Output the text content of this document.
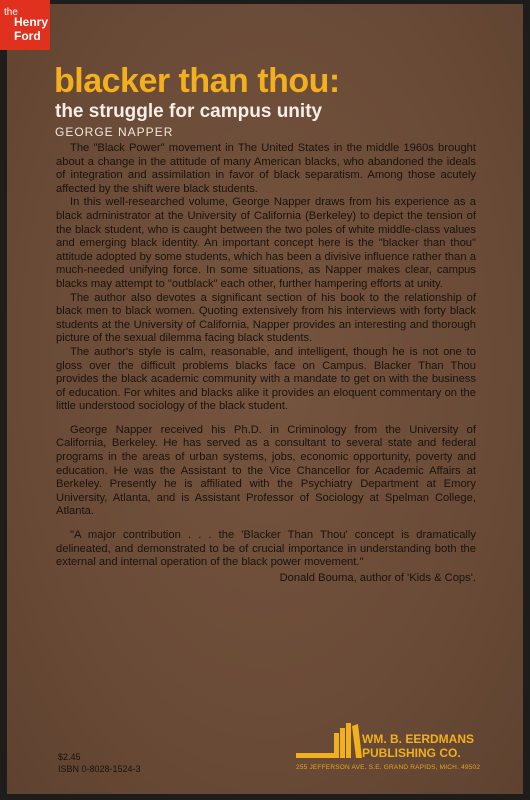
the
Henry
Ford
blacker than thou:
the struggle for campus unity
GEORGE NAPPER

The "Black Power" movement in The United States in the middle 1960s brought about a change in the attitude of many American blacks, who abandoned the ideals of integration and assimilation in favor of black separatism. Among those acutely affected by the shift were black students.

In this well-researched volume, George Napper draws from his experience as a black administrator at the University of California (Berkeley) to depict the tension of the black student, who is caught between the two poles of white middle-class values and emerging black identity. An important concept here is the "blacker than thou" attitude adopted by some students, which has been a divisive influence rather than a much-needed unifying force. In some situations, as Napper makes clear, campus blacks may attempt to "outblack" each other, further hampering efforts at unity.

The author also devotes a significant section of his book to the relationship of black men to black women. Quoting extensively from his interviews with forty black students at the University of California, Napper provides an interesting and thorough picture of the sexual dilemma facing black students.

The author's style is calm, reasonable, and intelligent, though he is not one to gloss over the difficult problems blacks face on Campus. Blacker Than Thou provides the black academic community with a mandate to get on with the business of education. For whites and blacks alike it provides an eloquent commentary on the little understood sociology of the black student.

George Napper received his Ph.D. in Criminology from the University of California, Berkeley. He has served as a consultant to several state and federal programs in the areas of urban systems, jobs, economic opportunity, poverty and education. He was the Assistant to the Vice Chancellor for Academic Affairs at Berkeley. Presently he is affiliated with the Psychiatry Department at Emory University, Atlanta, and is Assistant Professor of Sociology at Spelman College, Atlanta.

"A major contribution . . . the 'Blacker Than Thou' concept is dramatically delineated, and demonstrated to be of crucial importance in understanding both the external and internal operation of the black power movement."

Donald Bouma, author of 'Kids & Cops'.

$2.45
ISBN 0-8028-1524-3
WM. B. EERDMANS
PUBLISHING CO.
255 JEFFERSON AVE. S.E. GRAND RAPIDS, MICH. 49502
